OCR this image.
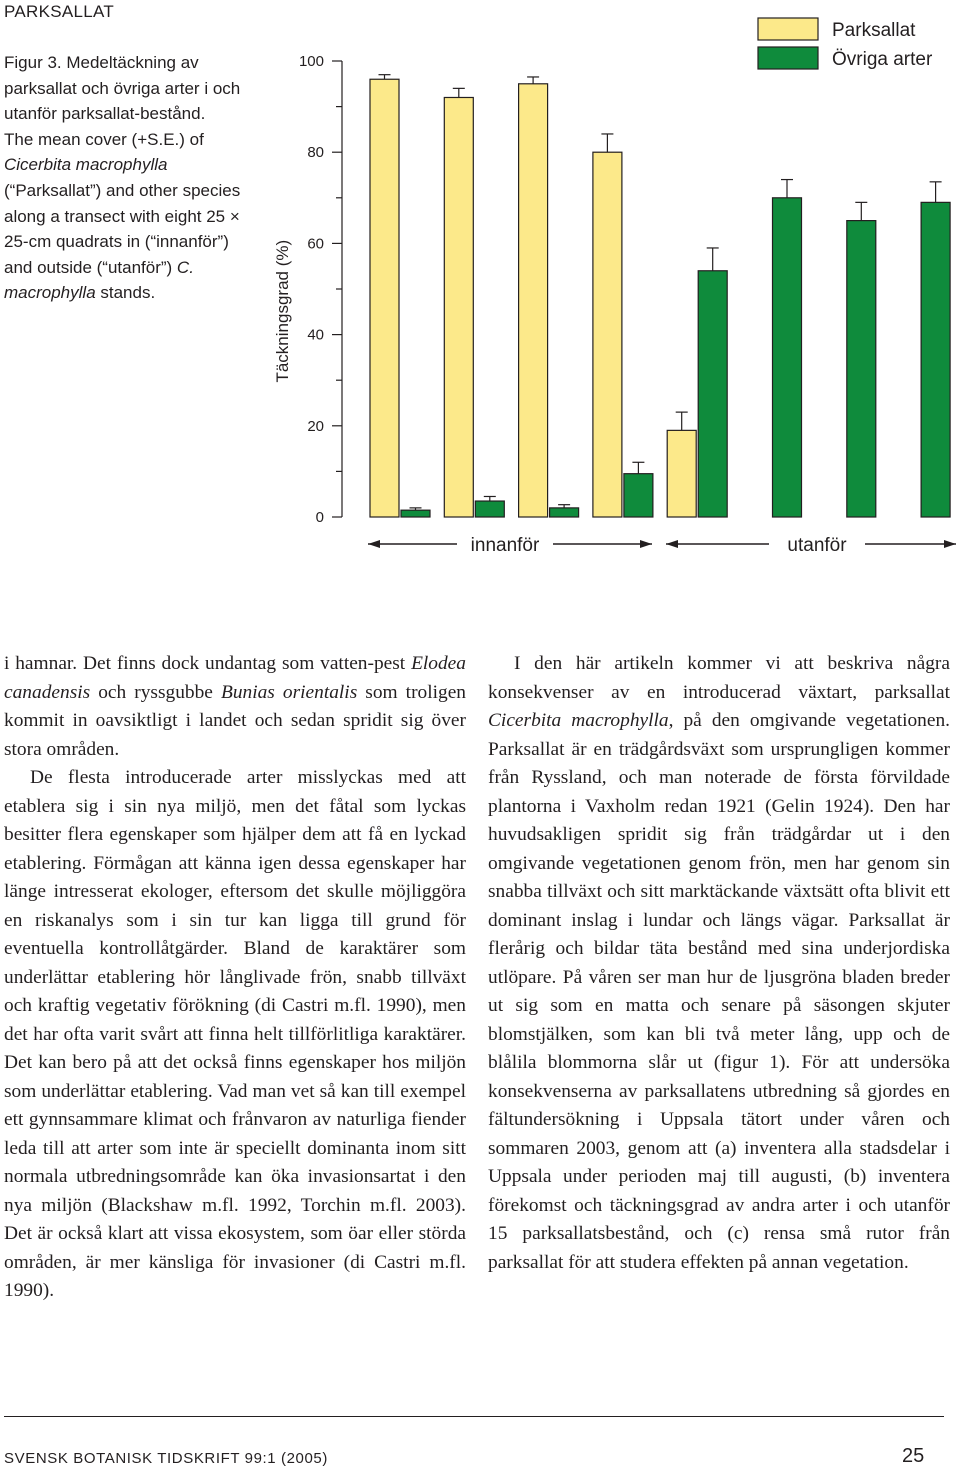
PARKSALLAT
Figur 3. Medeltäckning av parksallat och övriga arter i och utanför parksallat-bestånd.
The mean cover (+S.E.) of Cicerbita macrophylla (“Parksallat”) and other species along a transect with eight 25 × 25-cm quadrats in (“innanför”) and outside (“utanför”) C. macrophylla stands.
0
20
40
60
80
100
Täckningsgrad (%)
Parksallat
Övriga arter
innanför	utanför

i hamnar. Det finns dock undantag som vatten-pest Elodea canadensis och ryssgubbe Bunias orientalis som troligen kommit in oavsiktligt i landet och sedan spridit sig över stora områden.

De flesta introducerade arter misslyckas med att etablera sig i sin nya miljö, men det fåtal som lyckas besitter flera egenskaper som hjälper dem att få en lyckad etablering. Förmågan att känna igen dessa egenskaper har länge intresserat ekologer, eftersom det skulle möjliggöra en riskanalys som i sin tur kan ligga till grund för eventuella kontrollåtgärder. Bland de karaktärer som underlättar etablering hör långlivade frön, snabb tillväxt och kraftig vegetativ förökning (di Castri m.fl. 1990), men det har ofta varit svårt att finna helt tillförlitliga karaktärer. Det kan bero på att det också finns egenskaper hos miljön som underlättar etablering. Vad man vet så kan till exempel ett gynnsammare klimat och frånvaron av naturliga fiender leda till att arter som inte är speciellt dominanta inom sitt normala utbredningsområde kan öka invasionsartat i den nya miljön (Blackshaw m.fl. 1992, Torchin m.fl. 2003). Det är också klart att vissa ekosystem, som öar eller störda områden, är mer känsliga för invasioner (di Castri m.fl. 1990).

I den här artikeln kommer vi att beskriva några konsekvenser av en introducerad växtart, parksallat Cicerbita macrophylla, på den omgivande vegetationen. Parksallat är en trädgårdsväxt som ursprungligen kommer från Ryssland, och man noterade de första förvildade plantorna i Vaxholm redan 1921 (Gelin 1924). Den har huvudsakligen spridit sig från trädgårdar ut i den omgivande vegetationen genom frön, men har genom sin snabba tillväxt och sitt marktäckande växtsätt ofta blivit ett dominant inslag i lundar och längs vägar. Parksallat är flerårig och bildar täta bestånd med sina underjordiska utlöpare. På våren ser man hur de ljusgröna bladen breder ut sig som en matta och senare på säsongen skjuter blomstjälken, som kan bli två meter lång, upp och de blålila blommorna slår ut (figur 1). För att undersöka konsekvenserna av parksallatens utbredning så gjordes en fältundersökning i Uppsala tätort under våren och sommaren 2003, genom att (a) inventera alla stadsdelar i Uppsala under perioden maj till augusti, (b) inventera förekomst och täckningsgrad av andra arter i och utanför 15 parksallatsbestånd, och (c) rensa små rutor från parksallat för att studera effekten på annan vegetation.

SVENSK BOTANISK TIDSKRIFT 99:1 (2005)	25
